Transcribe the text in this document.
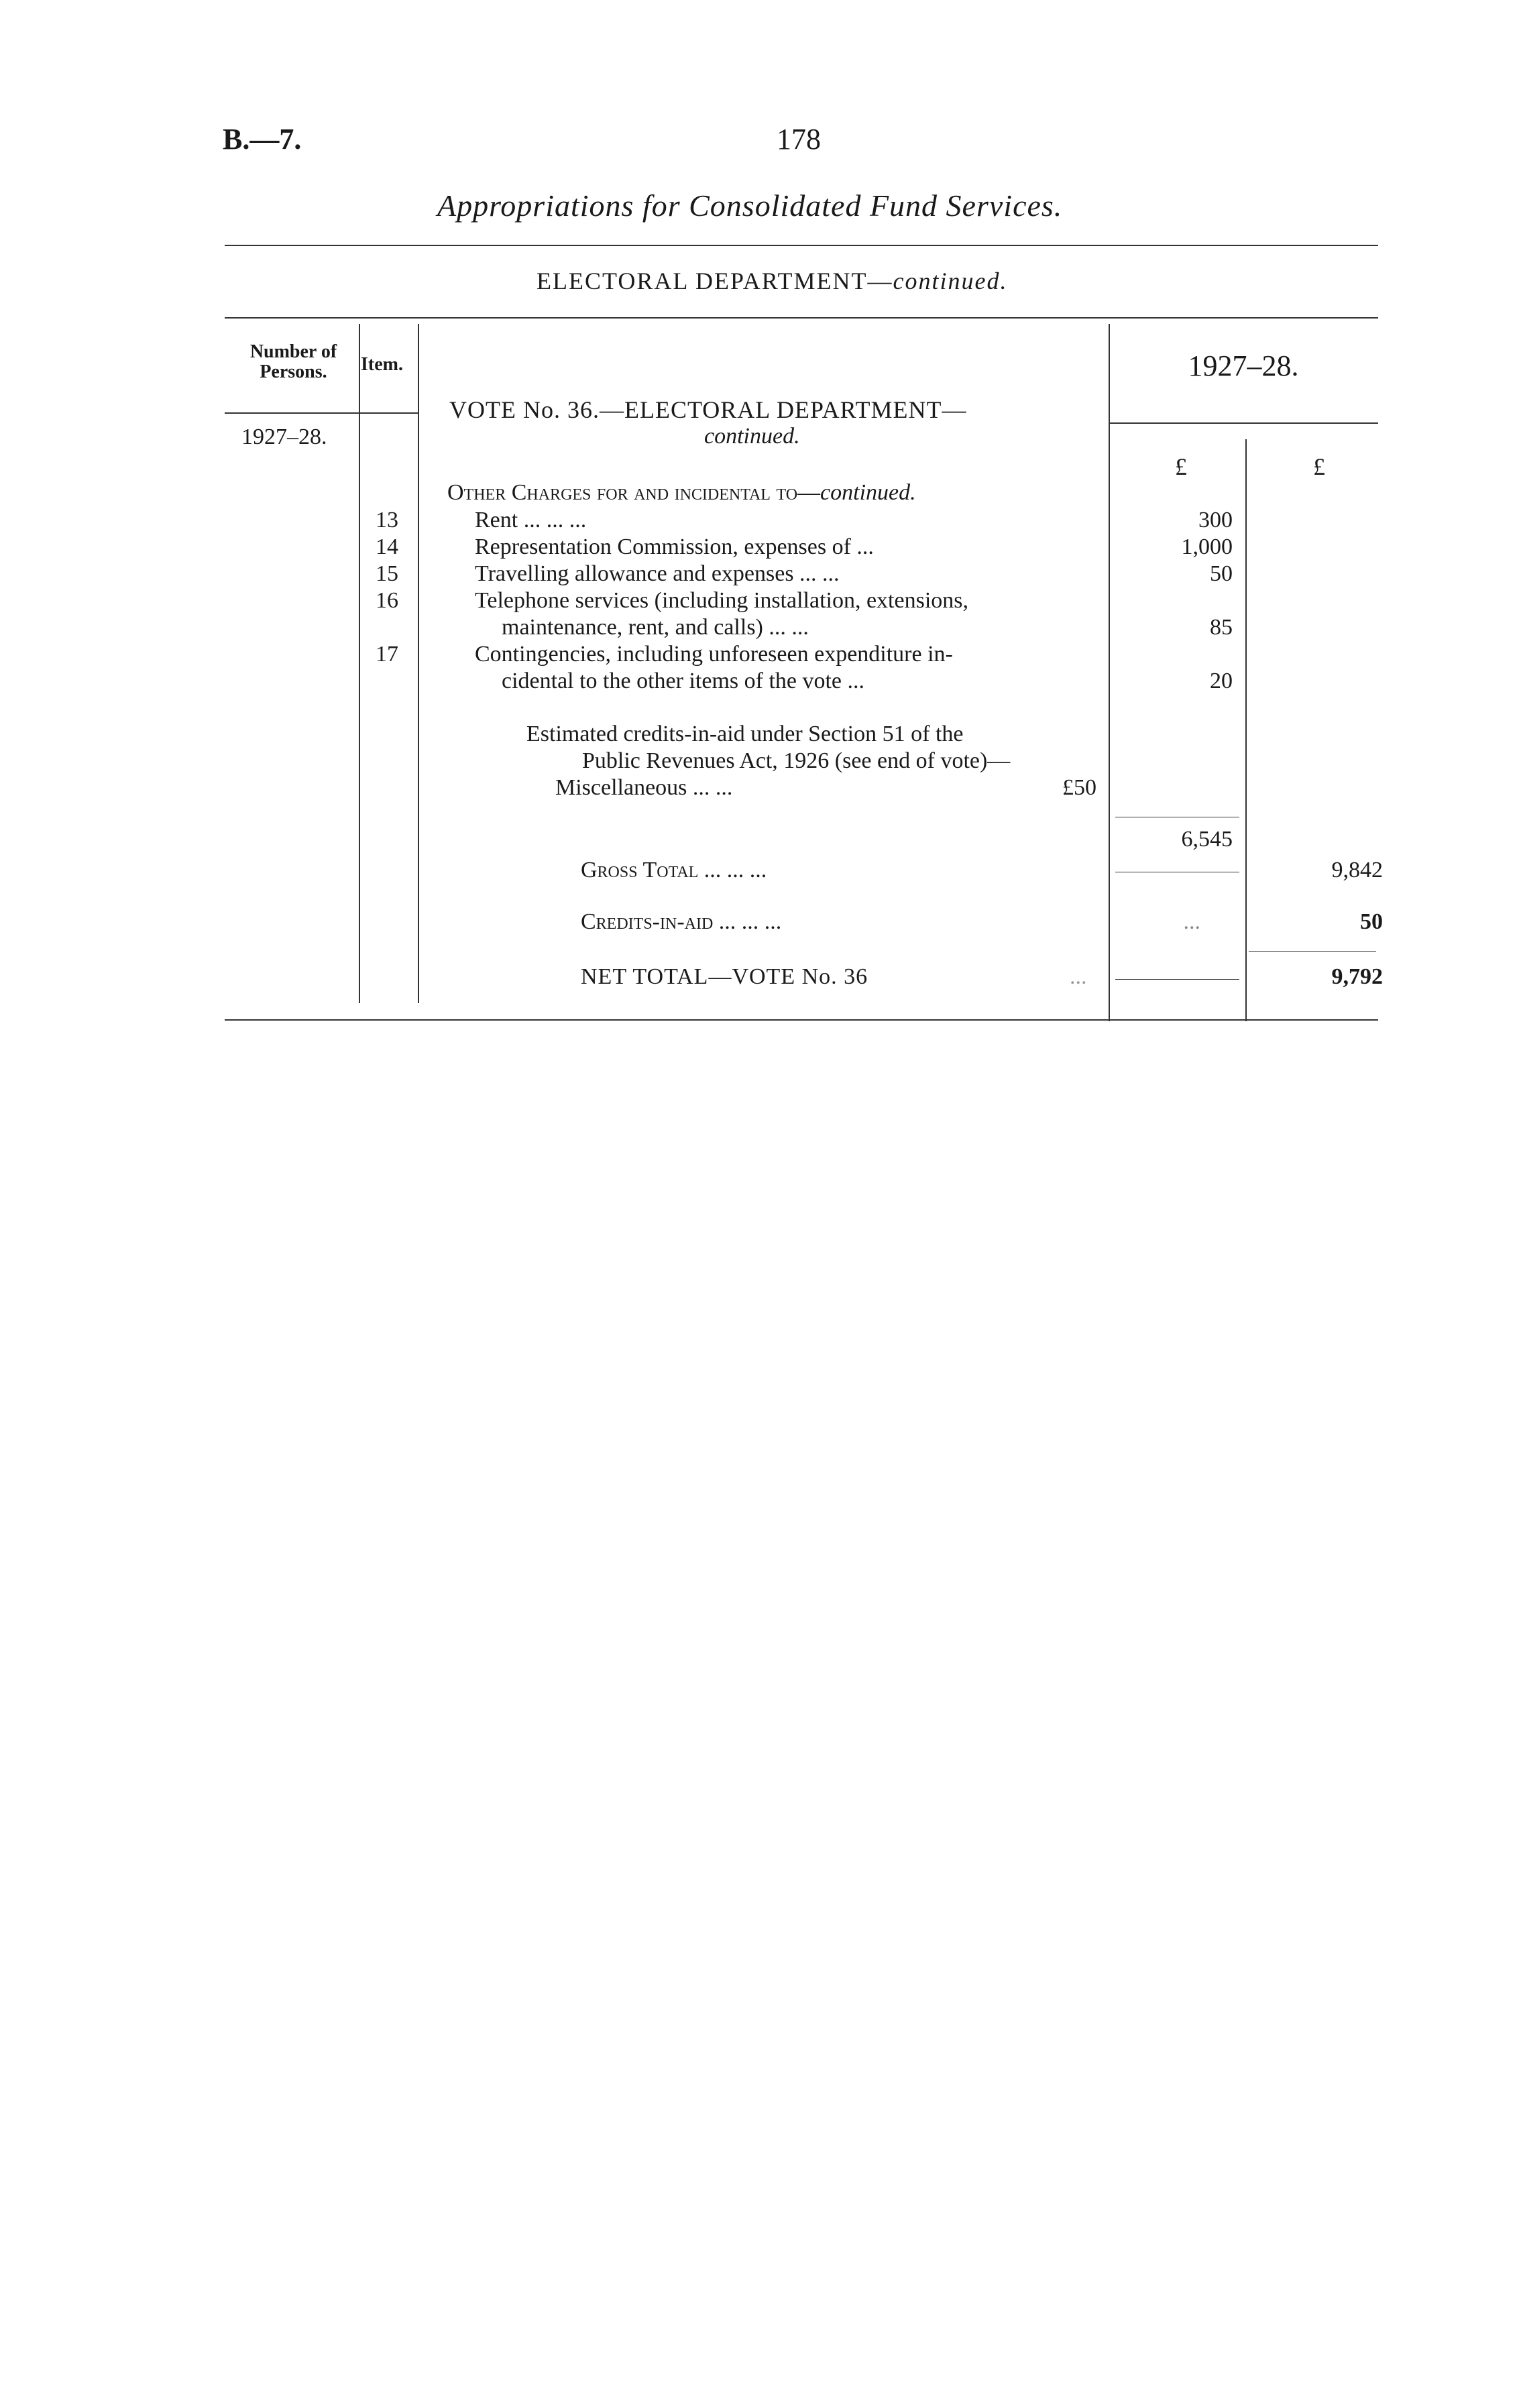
B.—7.	178
Appropriations for Consolidated Fund Services.
ELECTORAL DEPARTMENT—continued.
Number of Persons.	Item.	1927–28.
1927–28.
VOTE No. 36.—ELECTORAL DEPARTMENT—
continued.
£	£
Other Charges for and incidental to—continued.
13	Rent ... ... ...	300
14	Representation Commission, expenses of ...	1,000
15	Travelling allowance and expenses ... ...	50
16	Telephone services (including installation, extensions,
maintenance, rent, and calls) ... ...	85
17	Contingencies, including unforeseen expenditure in-
cidental to the other items of the vote ...	20
Estimated credits-in-aid under Section 51 of the
Public Revenues Act, 1926 (see end of vote)—
Miscellaneous ... ...	£50
6,545
Gross Total ... ... ...	9,842
Credits-in-aid ... ... ...	...	50
NET TOTAL—VOTE No. 36	...	9,792
